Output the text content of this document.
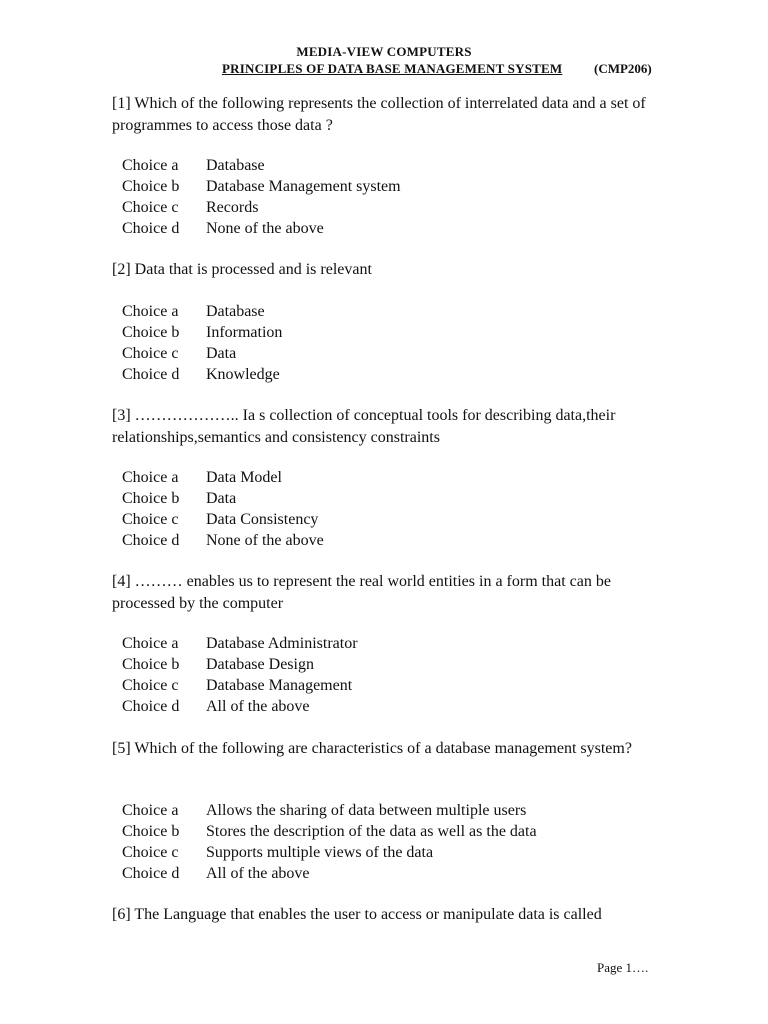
MEDIA-VIEW COMPUTERS
PRINCIPLES OF DATA BASE MANAGEMENT SYSTEM (CMP206)
[1] Which of the following represents the collection of interrelated data and a set of programmes to access those data ?
Choice a Database
Choice b Database Management system
Choice c Records
Choice d None of the above
[2] Data that is processed and is relevant
Choice a Database
Choice b Information
Choice c Data
Choice d Knowledge
[3] ……………….. Ia s collection of conceptual tools for describing data,their relationships,semantics and consistency constraints
Choice a Data Model
Choice b Data
Choice c Data Consistency
Choice d None of the above
[4] ……… enables us to represent the real world entities in a form that can be processed by the computer
Choice a Database Administrator
Choice b Database Design
Choice c Database Management
Choice d All of the above
[5] Which of the following are characteristics of a database management system?
Choice a Allows the sharing of data between multiple users
Choice b Stores the description of the data as well as the data
Choice c Supports multiple views of the data
Choice d All of the above
[6] The Language that enables the user to access or manipulate data is called
Page 1….
